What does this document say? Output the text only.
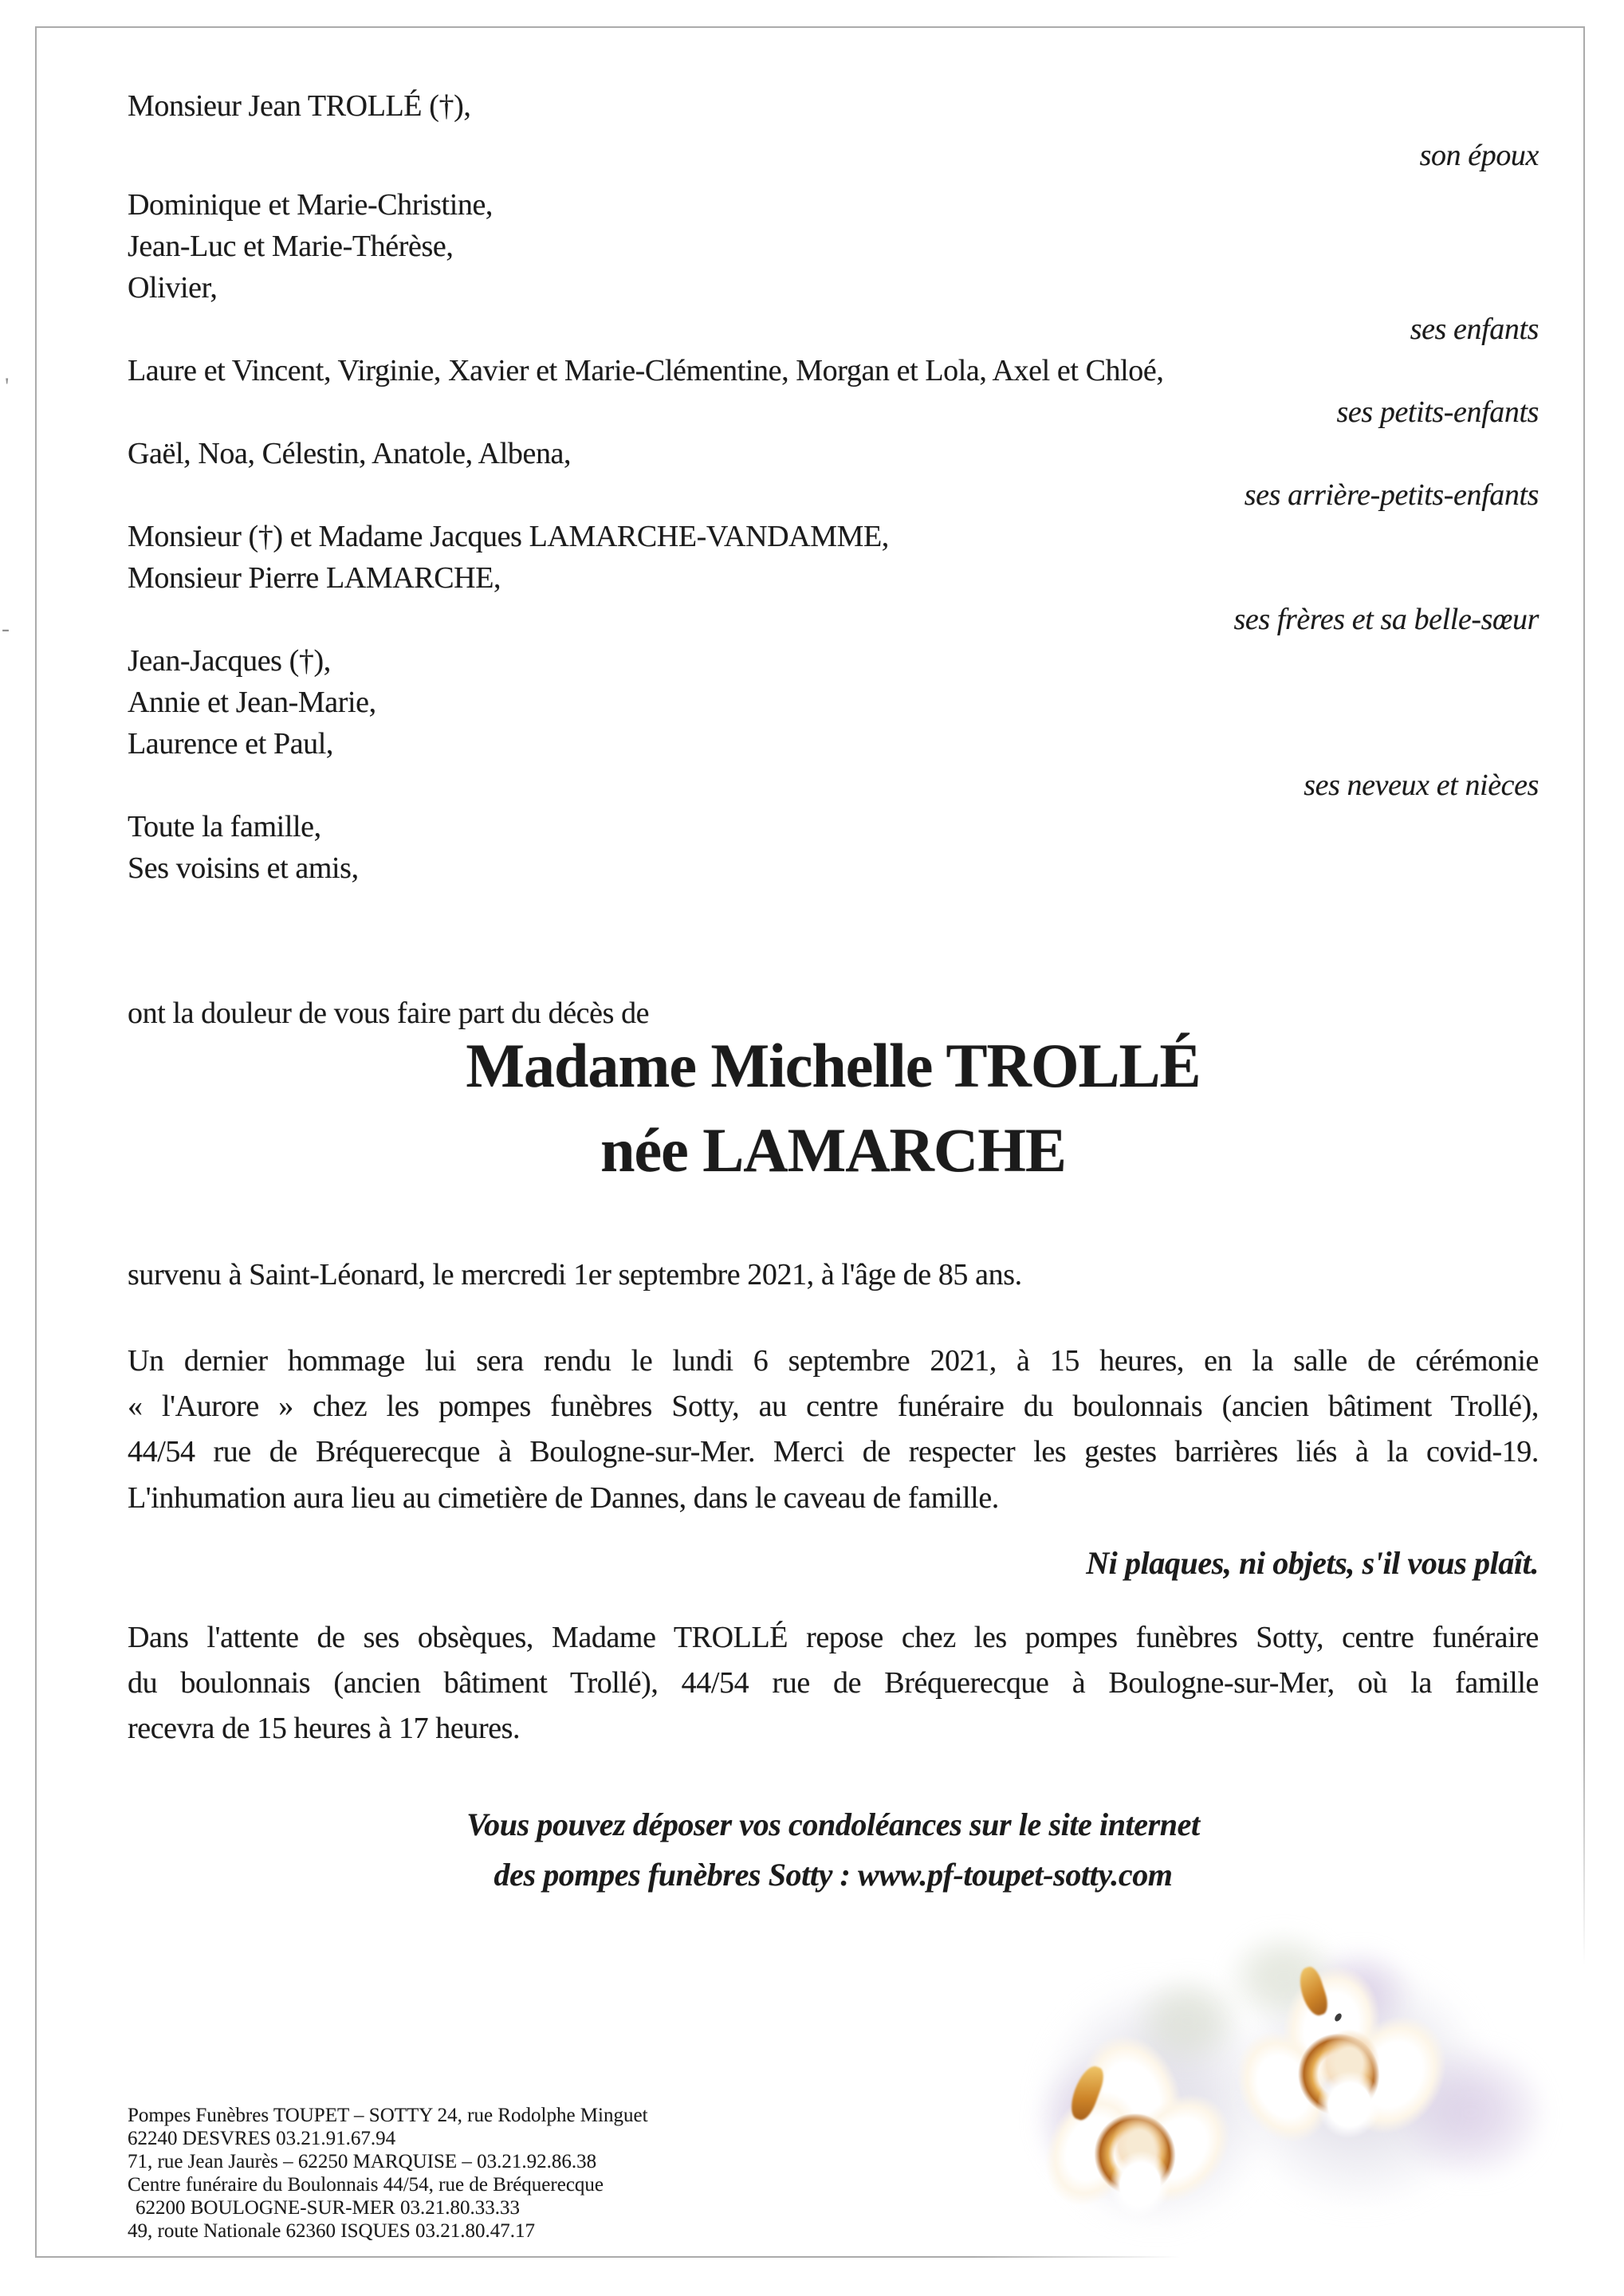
'
-
Monsieur Jean TROLLÉ (†),
son époux
Dominique et Marie-Christine,
Jean-Luc et Marie-Thérèse,
Olivier,
ses enfants
Laure et Vincent, Virginie, Xavier et Marie-Clémentine, Morgan et Lola, Axel et Chloé,
ses petits-enfants
Gaël, Noa, Célestin, Anatole, Albena,
ses arrière-petits-enfants
Monsieur (†) et Madame Jacques LAMARCHE-VANDAMME,
Monsieur Pierre LAMARCHE,
ses frères et sa belle-sœur
Jean-Jacques (†),
Annie et Jean-Marie,
Laurence et Paul,
ses neveux et nièces
Toute la famille,
Ses voisins et amis,
ont la douleur de vous faire part du décès de
Madame Michelle TROLLÉ
née LAMARCHE
survenu à Saint-Léonard, le mercredi 1er septembre 2021, à l'âge de 85 ans.
Un dernier hommage lui sera rendu le lundi 6 septembre 2021, à 15 heures, en la salle de cérémonie
« l'Aurore » chez les pompes funèbres Sotty, au centre funéraire du boulonnais (ancien bâtiment Trollé),
44/54 rue de Bréquerecque à Boulogne-sur-Mer. Merci de respecter les gestes barrières liés à la covid-19.
L'inhumation aura lieu au cimetière de Dannes, dans le caveau de famille.
Ni plaques, ni objets, s'il vous plaît.
Dans l'attente de ses obsèques, Madame TROLLÉ repose chez les pompes funèbres Sotty, centre funéraire
du boulonnais (ancien bâtiment Trollé), 44/54 rue de Bréquerecque à Boulogne-sur-Mer, où la famille
recevra de 15 heures à 17 heures.
Vous pouvez déposer vos condoléances sur le site internet
des pompes funèbres Sotty : www.pf-toupet-sotty.com
Pompes Funèbres TOUPET – SOTTY 24, rue Rodolphe Minguet
62240 DESVRES 03.21.91.67.94
71, rue Jean Jaurès – 62250 MARQUISE – 03.21.92.86.38
Centre funéraire du Boulonnais 44/54, rue de Bréquerecque
62200 BOULOGNE-SUR-MER 03.21.80.33.33
49, route Nationale 62360 ISQUES 03.21.80.47.17
